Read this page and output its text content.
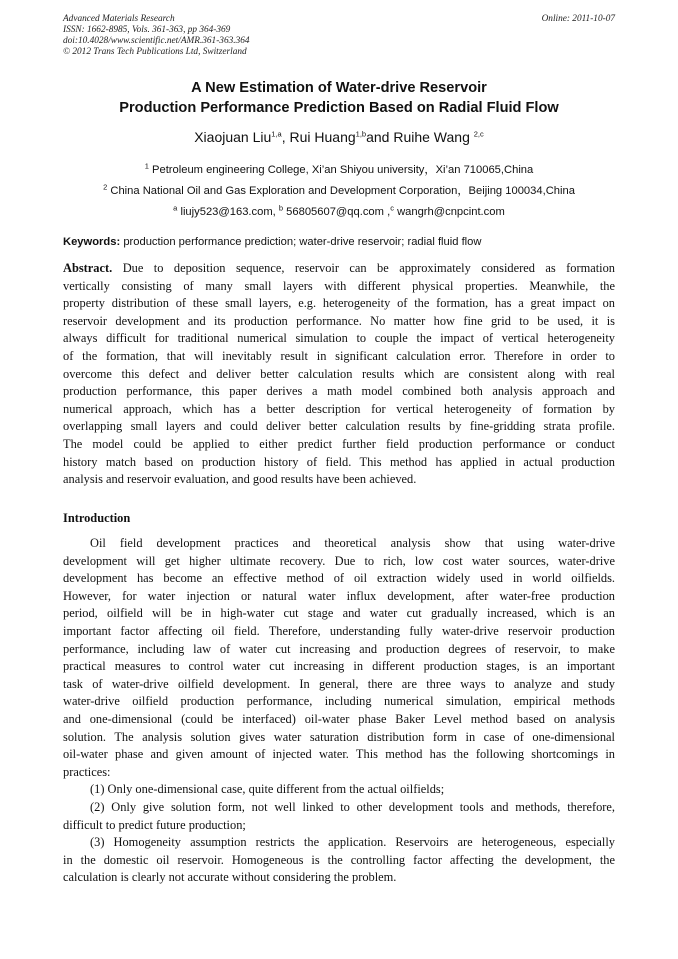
Advanced Materials Research
ISSN: 1662-8985, Vols. 361-363, pp 364-369
doi:10.4028/www.scientific.net/AMR.361-363.364
© 2012 Trans Tech Publications Ltd, Switzerland
Online: 2011-10-07
A New Estimation of Water-drive Reservoir
Production Performance Prediction Based on Radial Fluid Flow
Xiaojuan Liu$^{1,a}$, Rui Huang$^{1,b}$and Ruihe Wang $^{2,c}$
$^1$ Petroleum engineering College, Xi’an Shiyou university，Xi’an 710065,China
$^2$ China National Oil and Gas Exploration and Development Corporation，Beijing 100034,China
$^a$ liujy523@163.com, $^b$ 56805607@qq.com ,$^c$ wangrh@cnpcint.com
Keywords: production performance prediction; water-drive reservoir; radial fluid flow
Abstract. Due to deposition sequence, reservoir can be approximately considered as formation
vertically consisting of many small layers with different physical properties. Meanwhile, the
property distribution of these small layers, e.g. heterogeneity of the formation, has a great impact on
reservoir development and its production performance. No matter how fine grid to be used, it is
always difficult for traditional numerical simulation to couple the impact of vertical heterogeneity
of the formation, that will inevitably result in significant calculation error. Therefore in order to
overcome this defect and deliver better calculation results which are consistent along with real
production performance, this paper derives a math model combined both analysis approach and
numerical approach, which has a better description for vertical heterogeneity of formation by
overlapping small layers and could deliver better calculation results by fine-gridding strata profile.
The model could be applied to either predict further field production performance or conduct
history match based on production history of field. This method has applied in actual production
analysis and reservoir evaluation, and good results have been achieved.
Introduction
Oil field development practices and theoretical analysis show that using water-drive
development will get higher ultimate recovery. Due to rich, low cost water sources, water-drive
development has become an effective method of oil extraction widely used in world oilfields.
However, for water injection or natural water influx development, after water-free production
period, oilfield will be in high-water cut stage and water cut gradually increased, which is an
important factor affecting oil field. Therefore, understanding fully water-drive reservoir production
performance, including law of water cut increasing and production degrees of reservoir, to make
practical measures to control water cut increasing in different production stages, is an important
task of water-drive oilfield development. In general, there are three ways to analyze and study
water-drive oilfield production performance, including numerical simulation, empirical methods
and one-dimensional (could be interfaced) oil-water phase Baker Level method based on analysis
solution. The analysis solution gives water saturation distribution form in case of one-dimensional
oil-water phase and given amount of injected water. This method has the following shortcomings in
practices:
(1) Only one-dimensional case, quite different from the actual oilfields;
(2) Only give solution form, not well linked to other development tools and methods, therefore,
difficult to predict future production;
(3) Homogeneity assumption restricts the application. Reservoirs are heterogeneous, especially
in the domestic oil reservoir. Homogeneous is the controlling factor affecting the development, the
calculation is clearly not accurate without considering the problem.
